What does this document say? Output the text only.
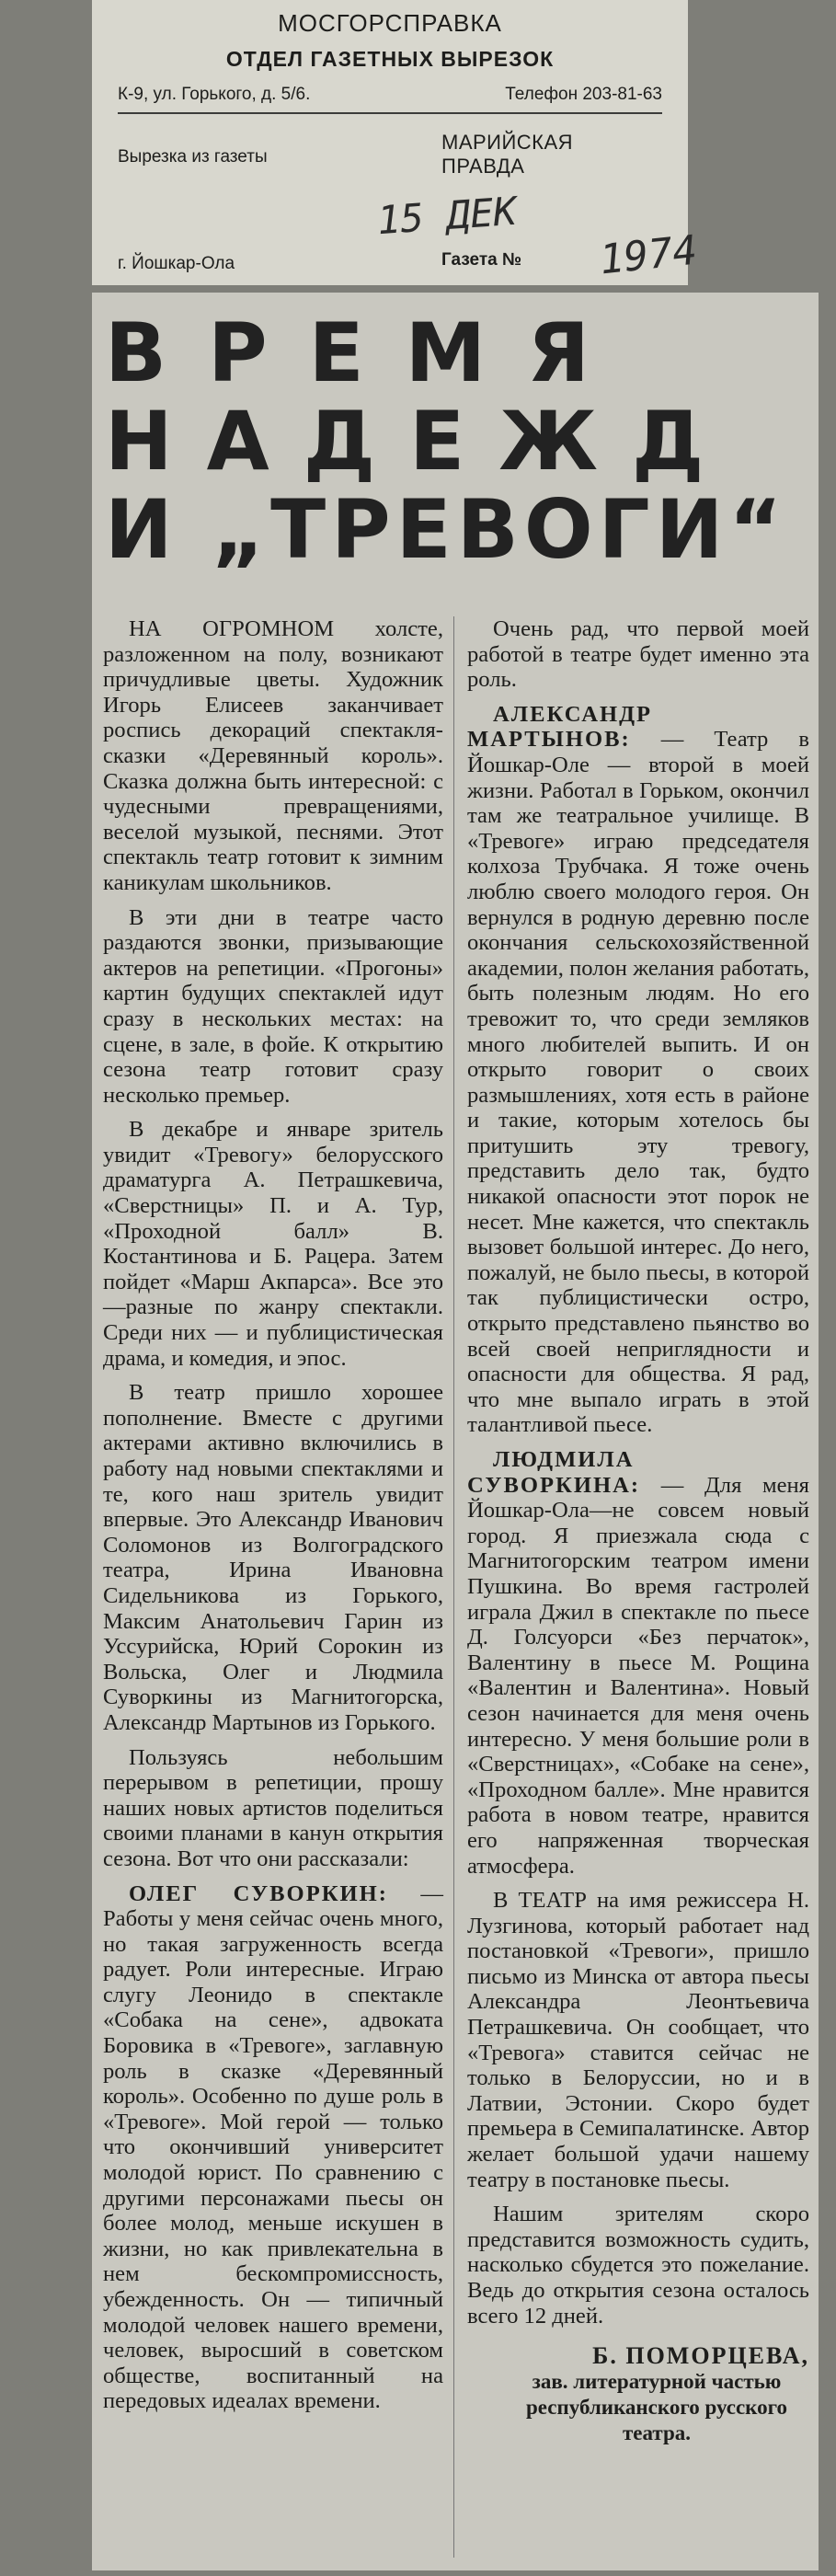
МОСГОРСПРАВКА
ОТДЕЛ ГАЗЕТНЫХ ВЫРЕЗОК
К-9, ул. Горького, д. 5/6.	Телефон 203-81-63
Вырезка из газеты
МАРИЙСКАЯ
ПРАВДА
15 ДЕК
г. Йошкар-Ола	Газета № 1974
ВРЕМЯ
НАДЕЖД
И „ТРЕВОГИ“

НА ОГРОМНОМ холсте, разложенном на полу, возникают причудливые цветы. Художник Игорь Елисеев заканчивает роспись декораций спектакля-сказки «Деревянный король». Сказка должна быть интересной: с чудесными превращениями, веселой музыкой, песнями. Этот спектакль театр готовит к зимним каникулам школьников.

В эти дни в театре часто раздаются звонки, призывающие актеров на репетиции. «Прогоны» картин будущих спектаклей идут сразу в нескольких местах: на сцене, в зале, в фойе. К открытию сезона театр готовит сразу несколько премьер.

В декабре и январе зритель увидит «Тревогу» белорусского драматурга А. Петрашкевича, «Сверстницы» П. и А. Тур, «Проходной балл» В. Костантинова и Б. Рацера. Затем пойдет «Марш Акпарса». Все это—разные по жанру спектакли. Среди них — и публицистическая драма, и комедия, и эпос.

В театр пришло хорошее пополнение. Вместе с другими актерами активно включились в работу над новыми спектаклями и те, кого наш зритель увидит впервые. Это Александр Иванович Соломонов из Волгоградского театра, Ирина Ивановна Сидельникова из Горького, Максим Анатольевич Гарин из Уссурийска, Юрий Сорокин из Вольска, Олег и Людмила Суворкины из Магнитогорска, Александр Мартынов из Горького.

Пользуясь небольшим перерывом в репетиции, прошу наших новых артистов поделиться своими планами в канун открытия сезона. Вот что они рассказали:

ОЛЕГ СУВОРКИН: — Работы у меня сейчас очень много, но такая загруженность всегда радует. Роли интересные. Играю слугу Леонидо в спектакле «Собака на сене», адвоката Боровика в «Тревоге», заглавную роль в сказке «Деревянный король». Особенно по душе роль в «Тревоге». Мой герой — только что окончивший университет молодой юрист. По сравнению с другими персонажами пьесы он более молод, меньше искушен в жизни, но как привлекательна в нем бескомпромиссность, убежденность. Он — типичный молодой человек нашего времени, человек, выросший в советском обществе, воспитанный на передовых идеалах времени.

Очень рад, что первой моей работой в театре будет именно эта роль.

АЛЕКСАНДР МАРТЫНОВ: — Театр в Йошкар-Оле — второй в моей жизни. Работал в Горьком, окончил там же театральное училище. В «Тревоге» играю председателя колхоза Трубчака. Я тоже очень люблю своего молодого героя. Он вернулся в родную деревню после окончания сельскохозяйственной академии, полон желания работать, быть полезным людям. Но его тревожит то, что среди земляков много любителей выпить. И он открыто говорит о своих размышлениях, хотя есть в районе и такие, которым хотелось бы притушить эту тревогу, представить дело так, будто никакой опасности этот порок не несет. Мне кажется, что спектакль вызовет большой интерес. До него, пожалуй, не было пьесы, в которой так публицистически остро, открыто представлено пьянство во всей своей неприглядности и опасности для общества. Я рад, что мне выпало играть в этой талантливой пьесе.

ЛЮДМИЛА СУВОРКИНА: — Для меня Йошкар-Ола—не совсем новый город. Я приезжала сюда с Магнитогорским театром имени Пушкина. Во время гастролей играла Джил в спектакле по пьесе Д. Голсуорси «Без перчаток», Валентину в пьесе М. Рощина «Валентин и Валентина». Новый сезон начинается для меня очень интересно. У меня большие роли в «Сверстницах», «Собаке на сене», «Проходном балле». Мне нравится работа в новом театре, нравится его напряженная творческая атмосфера.

В ТЕАТР на имя режиссера Н. Лузгинова, который работает над постановкой «Тревоги», пришло письмо из Минска от автора пьесы Александра Леонтьевича Петрашкевича. Он сообщает, что «Тревога» ставится сейчас не только в Белоруссии, но и в Латвии, Эстонии. Скоро будет премьера в Семипалатинске. Автор желает большой удачи нашему театру в постановке пьесы.

Нашим зрителям скоро представится возможность судить, насколько сбудется это пожелание. Ведь до открытия сезона осталось всего 12 дней.

Б. ПОМОРЦЕВА,
зав. литературной частью республиканского русского театра.
